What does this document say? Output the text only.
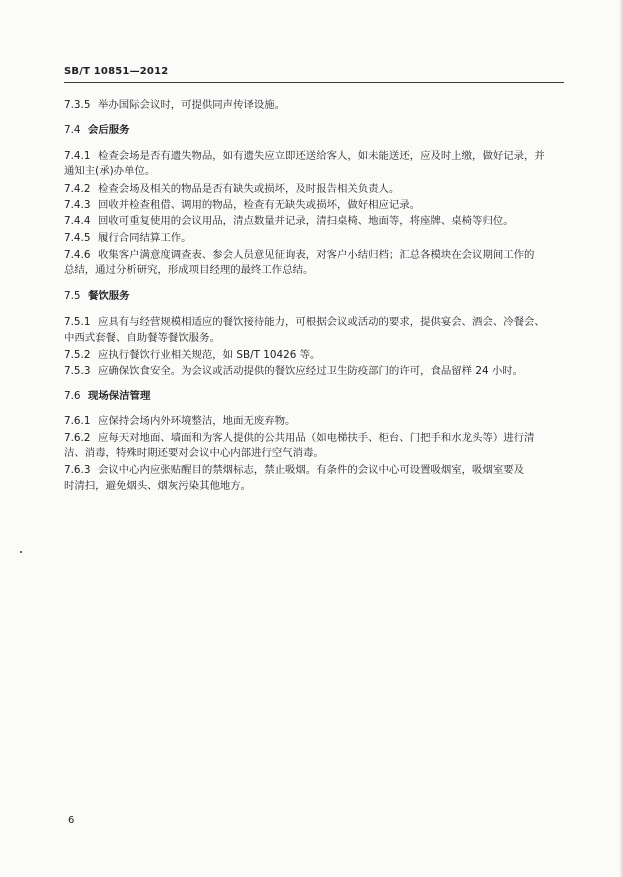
SB/T 10851—2012
7.3.5 举办国际会议时，可提供同声传译设施。
7.4 会后服务
7.4.1 检查会场是否有遗失物品，如有遗失应立即还送给客人，如未能送还，应及时上缴，做好记录，并
通知主(承)办单位。
7.4.2 检查会场及相关的物品是否有缺失或损坏，及时报告相关负责人。
7.4.3 回收并检查租借、调用的物品，检查有无缺失或损坏，做好相应记录。
7.4.4 回收可重复使用的会议用品，清点数量并记录，清扫桌椅、地面等，将座牌、桌椅等归位。
7.4.5 履行合同结算工作。
7.4.6 收集客户满意度调查表、参会人员意见征询表，对客户小结归档；汇总各模块在会议期间工作的
总结，通过分析研究，形成项目经理的最终工作总结。
7.5 餐饮服务
7.5.1 应具有与经营规模相适应的餐饮接待能力，可根据会议或活动的要求，提供宴会、酒会、冷餐会、
中西式套餐、自助餐等餐饮服务。
7.5.2 应执行餐饮行业相关规范，如 SB/T 10426 等。
7.5.3 应确保饮食安全。为会议或活动提供的餐饮应经过卫生防疫部门的许可，食品留样 24 小时。
7.6 现场保洁管理
7.6.1 应保持会场内外环境整洁，地面无废弃物。
7.6.2 应每天对地面、墙面和为客人提供的公共用品（如电梯扶手、柜台、门把手和水龙头等）进行清
洁、消毒，特殊时期还要对会议中心内部进行空气消毒。
7.6.3 会议中心内应张贴醒目的禁烟标志，禁止吸烟。有条件的会议中心可设置吸烟室，吸烟室要及
时清扫，避免烟头、烟灰污染其他地方。
6
